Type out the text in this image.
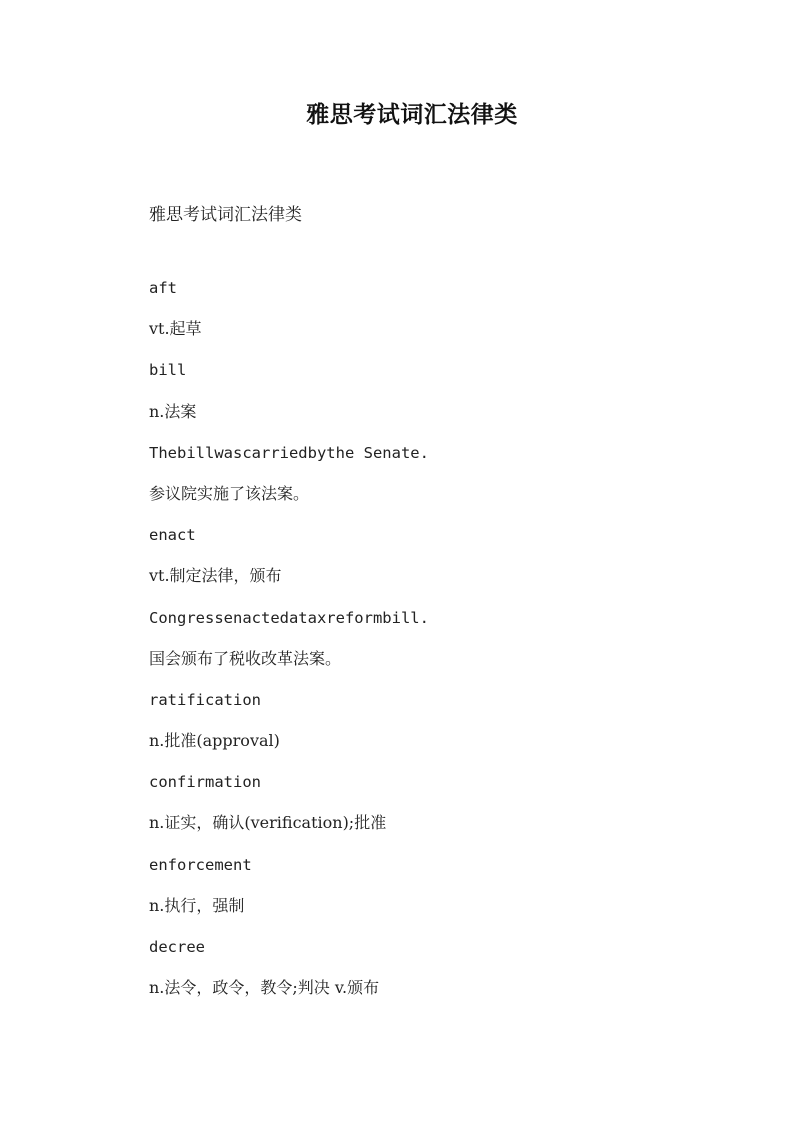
雅思考试词汇法律类
雅思考试词汇法律类
aft
vt.起草
bill
n.法案
Thebillwascarriedbythe Senate.
参议院实施了该法案。
enact
vt.制定法律，颁布
Congressenactedataxreformbill.
国会颁布了税收改革法案。
ratification
n.批准(approval)
confirmation
n.证实，确认(verification);批准
enforcement
n.执行，强制
decree
n.法令，政令，教令;判决 v.颁布
